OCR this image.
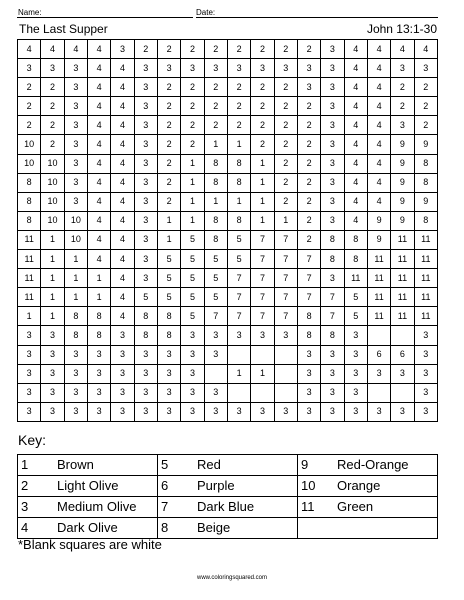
Name:	Date:
The Last Supper	John 13:1-30
4	4	4	4	3	2	2	2	2	2	2	2	2	3	4	4	4	4
3	3	3	4	4	3	3	3	3	3	3	3	3	3	4	4	3	3
2	2	3	4	4	3	2	2	2	2	2	2	3	3	4	4	2	2
2	2	3	4	4	3	2	2	2	2	2	2	2	3	4	4	2	2
2	2	3	4	4	3	2	2	2	2	2	2	2	3	4	4	3	2
10	2	3	4	4	3	2	2	1	1	2	2	2	3	4	4	9	9
10	10	3	4	4	3	2	1	8	8	1	2	2	3	4	4	9	8
8	10	3	4	4	3	2	1	8	8	1	2	2	3	4	4	9	8
8	10	3	4	4	3	2	1	1	1	1	2	2	3	4	4	9	9
8	10	10	4	4	3	1	1	8	8	1	1	2	3	4	9	9	8
11	1	10	4	4	3	1	5	8	5	7	7	2	8	8	9	11	11
11	1	1	4	4	3	5	5	5	5	7	7	7	8	8	11	11	11
11	1	1	1	4	3	5	5	5	7	7	7	7	3	11	11	11	11
11	1	1	1	4	5	5	5	5	7	7	7	7	7	5	11	11	11
1	1	8	8	4	8	8	5	7	7	7	7	8	7	5	11	11	11
3	3	8	8	3	8	8	3	3	3	3	3	8	8	3			3
3	3	3	3	3	3	3	3	3				3	3	3	6	6	3
3	3	3	3	3	3	3	3		1	1		3	3	3	3	3	3
3	3	3	3	3	3	3	3	3				3	3	3			3
3	3	3	3	3	3	3	3	3	3	3	3	3	3	3	3	3	3
Key:
1 Brown	5 Red	9 Red-Orange
2 Light Olive	6 Purple	10 Orange
3 Medium Olive	7 Dark Blue	11 Green
4 Dark Olive	8 Beige	
*Blank squares are white
www.coloringsquared.com
